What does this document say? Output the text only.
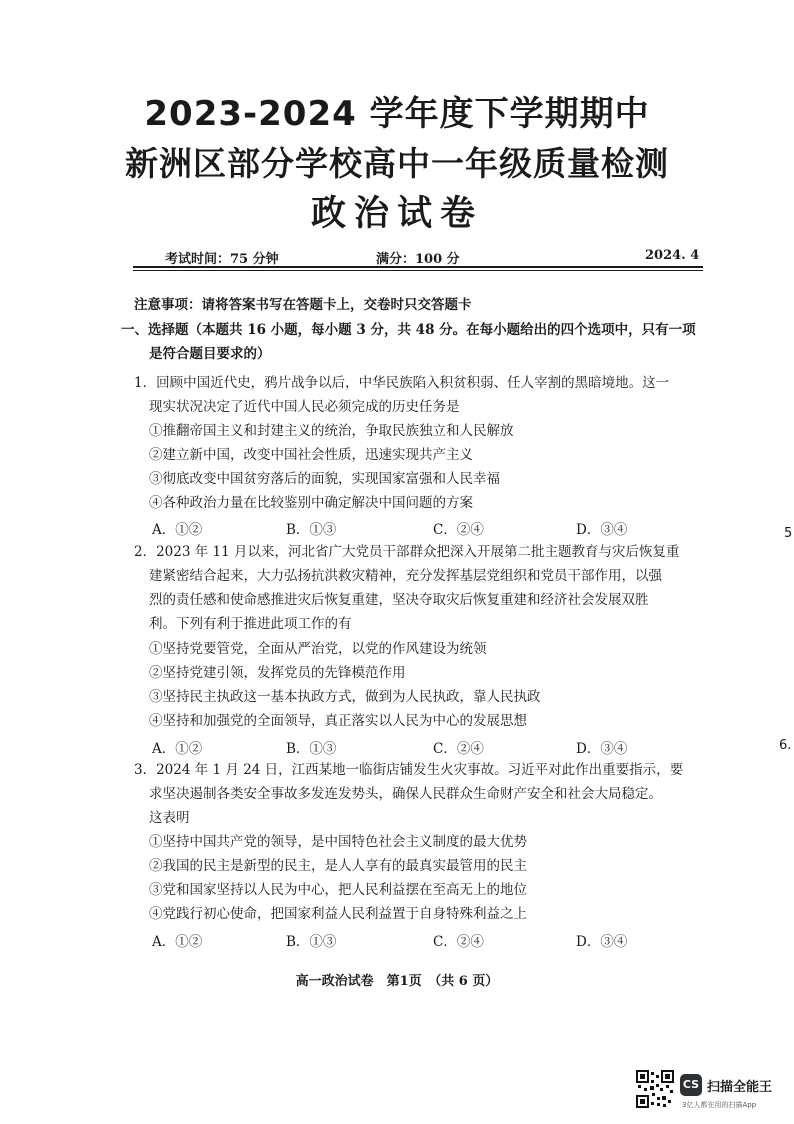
2023-2024 学年度下学期期中
新洲区部分学校高中一年级质量检测
政治试卷
考试时间：75 分钟	满分：100 分	2024. 4
注意事项：请将答案书写在答题卡上，交卷时只交答题卡
一、选择题（本题共 16 小题，每小题 3 分，共 48 分。在每小题给出的四个选项中，只有一项
是符合题目要求的）
1．回顾中国近代史，鸦片战争以后，中华民族陷入积贫积弱、任人宰割的黑暗境地。这一
现实状况决定了近代中国人民必须完成的历史任务是
①推翻帝国主义和封建主义的统治，争取民族独立和人民解放
②建立新中国，改变中国社会性质，迅速实现共产主义
③彻底改变中国贫穷落后的面貌，实现国家富强和人民幸福
④各种政治力量在比较鉴别中确定解决中国问题的方案
A．①②	B．①③	C．②④	D．③④
2．2023 年 11 月以来，河北省广大党员干部群众把深入开展第二批主题教育与灾后恢复重
建紧密结合起来，大力弘扬抗洪救灾精神，充分发挥基层党组织和党员干部作用，以强
烈的责任感和使命感推进灾后恢复重建，坚决夺取灾后恢复重建和经济社会发展双胜
利。下列有利于推进此项工作的有
①坚持党要管党，全面从严治党，以党的作风建设为统领
②坚持党建引领，发挥党员的先锋模范作用
③坚持民主执政这一基本执政方式，做到为人民执政，靠人民执政
④坚持和加强党的全面领导，真正落实以人民为中心的发展思想
A．①②	B．①③	C．②④	D．③④
3．2024 年 1 月 24 日，江西某地一临街店铺发生火灾事故。习近平对此作出重要指示，要
求坚决遏制各类安全事故多发连发势头，确保人民群众生命财产安全和社会大局稳定。
这表明
①坚持中国共产党的领导，是中国特色社会主义制度的最大优势
②我国的民主是新型的民主，是人人享有的最真实最管用的民主
③党和国家坚持以人民为中心，把人民利益摆在至高无上的地位
④党践行初心使命，把国家利益人民利益置于自身特殊利益之上
A．①②	B．①③	C．②④	D．③④
5
6.
高一政治试卷　第1页　（共 6 页）
CS 扫描全能王
3亿人都在用的扫描App
